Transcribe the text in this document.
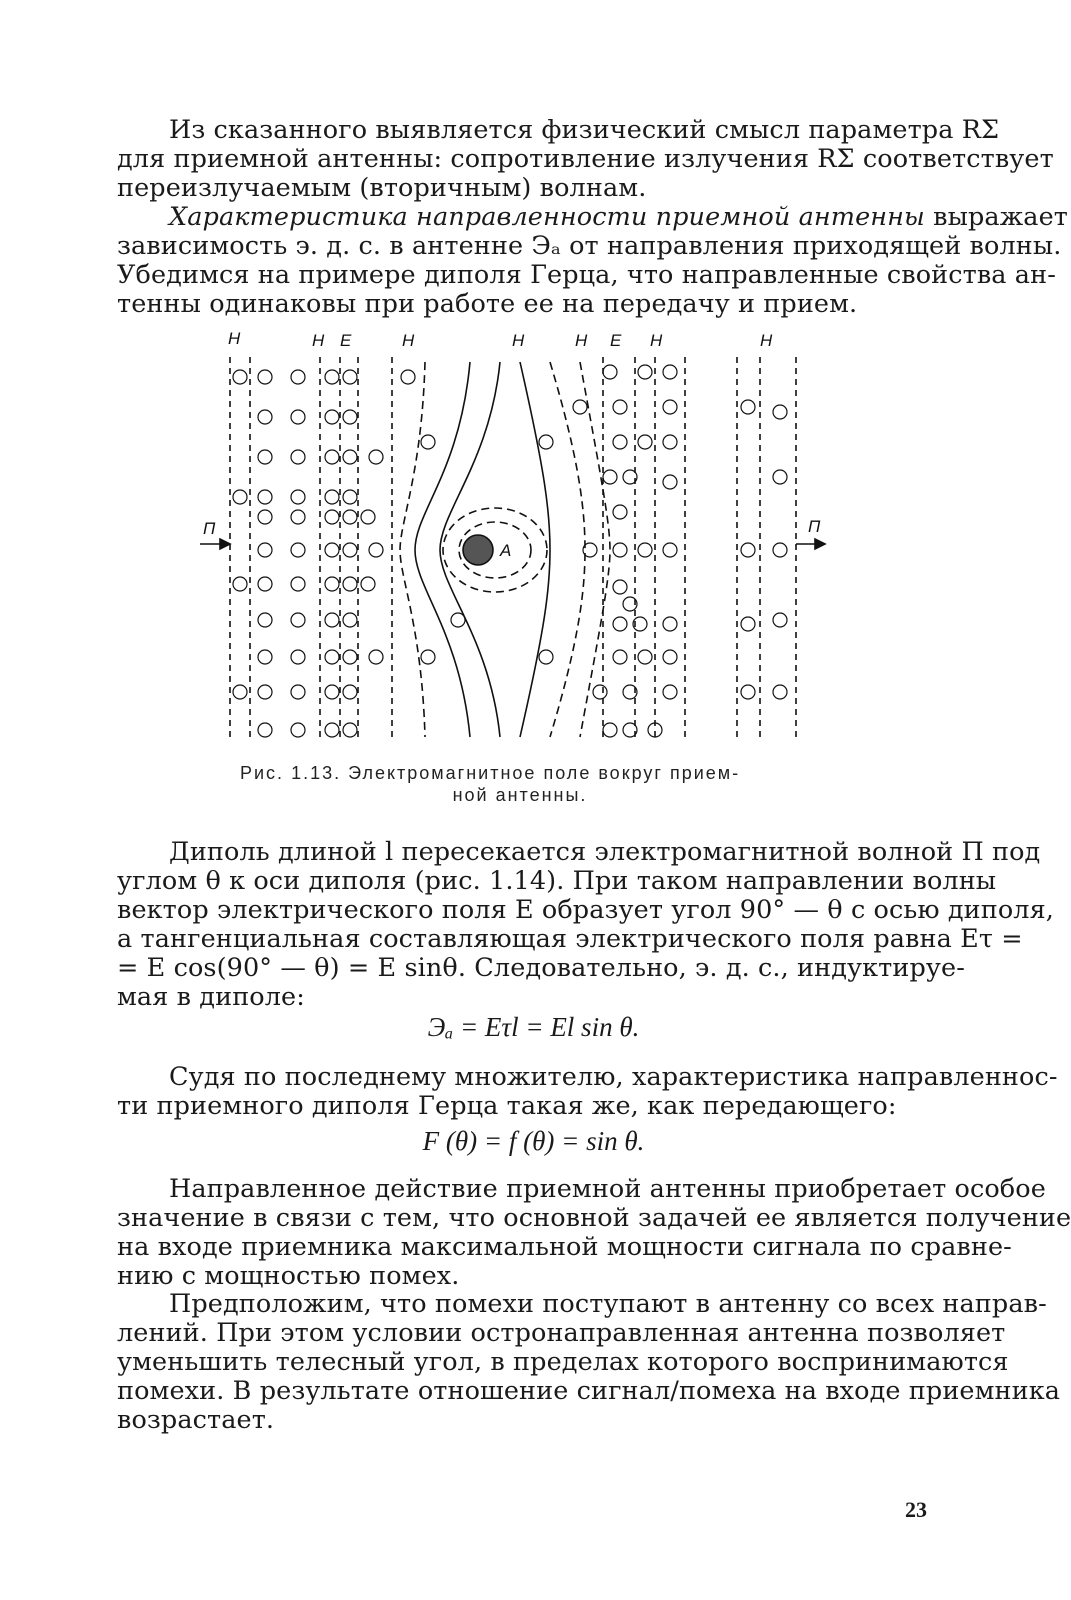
Из сказанного выявляется физический смысл параметра RΣ
для приемной антенны: сопротивление излучения RΣ соответствует
переизлучаемым (вторичным) волнам.
Характеристика направленности приемной антенны выражает
зависимость э. д. с. в антенне Эₐ от направления приходящей волны.
Убедимся на примере диполя Герца, что направленные свойства ан-
тенны одинаковы при работе ее на передачу и прием.
H	H E	H	H	H E H	H
П	П
A
Рис. 1.13. Электромагнитное поле вокруг прием-
ной антенны.
Диполь длиной l пересекается электромагнитной волной П под
углом θ к оси диполя (рис. 1.14). При таком направлении волны
вектор электрического поля E образует угол 90° — θ с осью диполя,
а тангенциальная составляющая электрического поля равна Eτ =
= E cos(90° — θ) = E sinθ. Следовательно, э. д. с., индуктируе-
мая в диполе:
Эₐ = Eτl = El sin θ.
Судя по последнему множителю, характеристика направленнос-
ти приемного диполя Герца такая же, как передающего:
F (θ) = f (θ) = sin θ.
Направленное действие приемной антенны приобретает особое
значение в связи с тем, что основной задачей ее является получение
на входе приемника максимальной мощности сигнала по сравне-
нию с мощностью помех.
Предположим, что помехи поступают в антенну со всех направ-
лений. При этом условии остронаправленная антенна позволяет
уменьшить телесный угол, в пределах которого воспринимаются
помехи. В результате отношение сигнал/помеха на входе приемника
возрастает.
23
